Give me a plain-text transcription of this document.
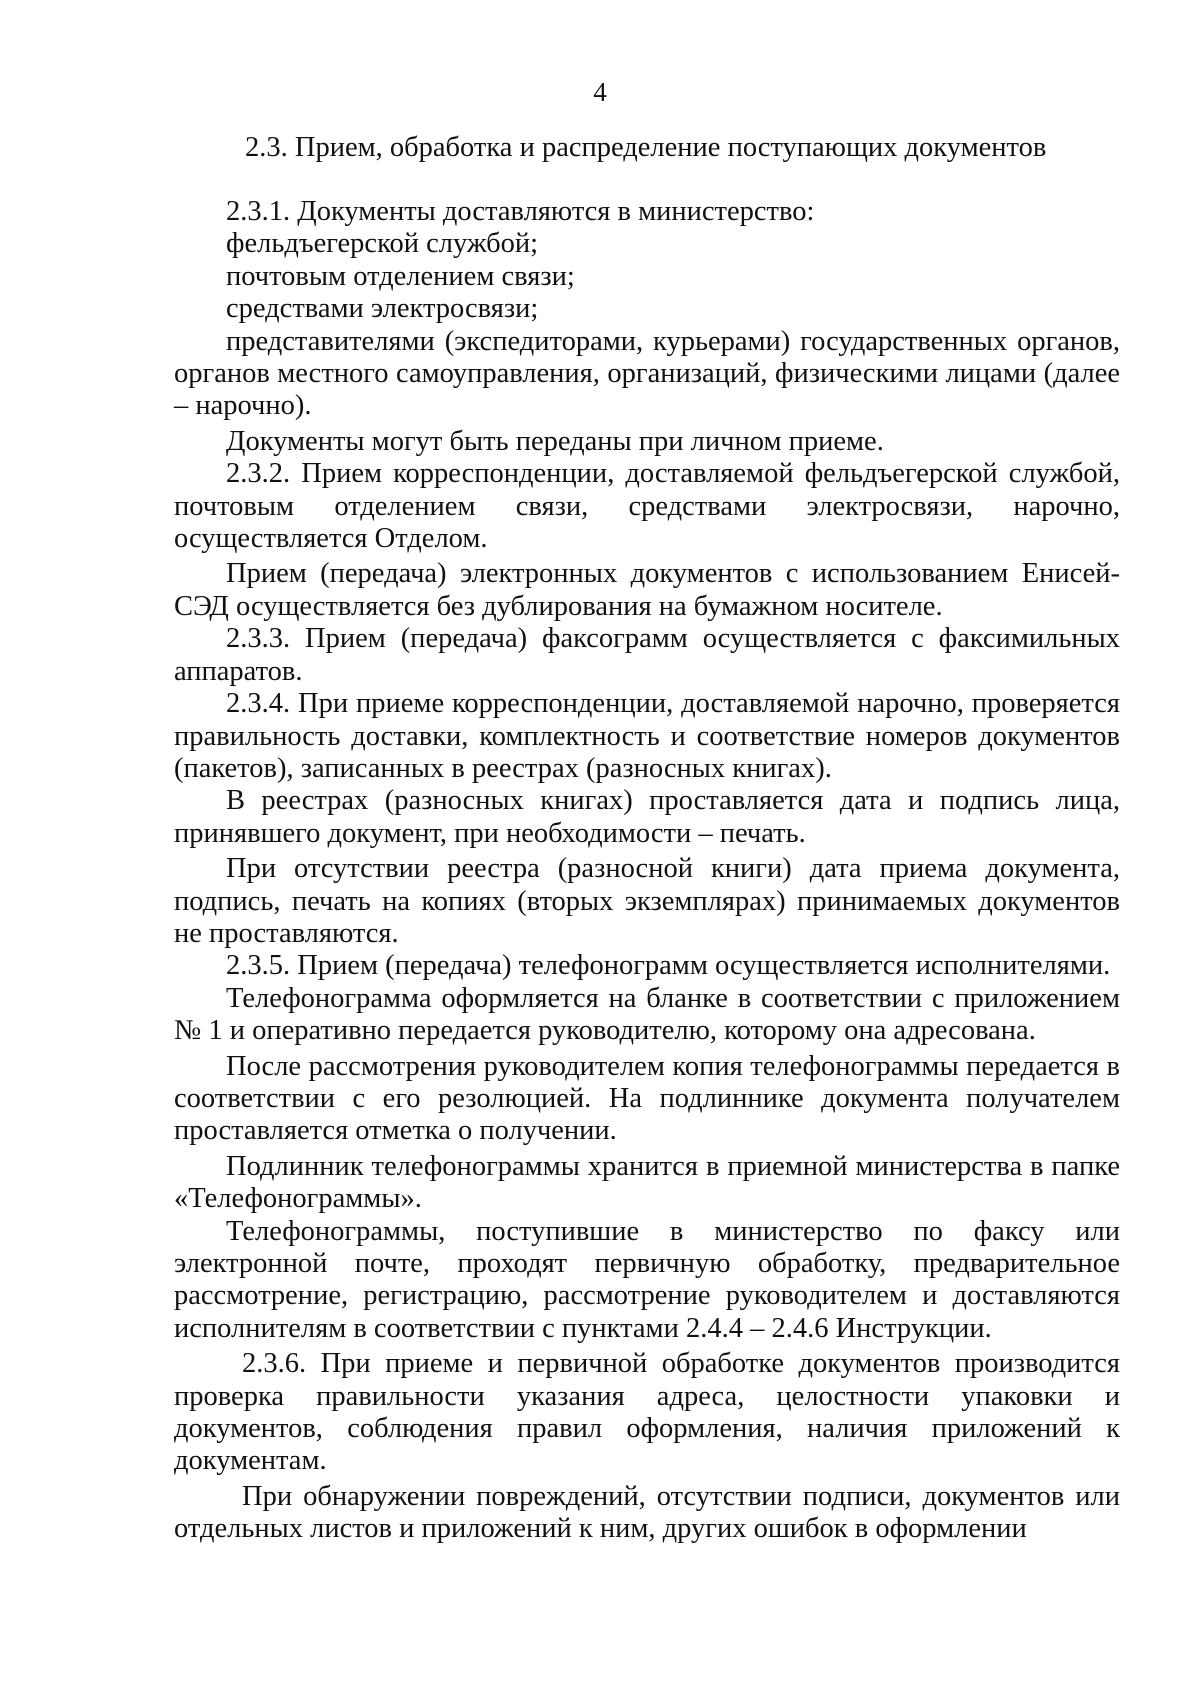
4
2.3. Прием, обработка и распределение поступающих документов

2.3.1. Документы доставляются в министерство:

фельдъегерской службой;

почтовым отделением связи;

средствами электросвязи;

представителями (экспедиторами, курьерами) государственных органов, органов местного самоуправления, организаций, физическими лицами (далее – нарочно).

Документы могут быть переданы при личном приеме.

2.3.2. Прием корреспонденции, доставляемой фельдъегерской службой, почтовым отделением связи, средствами электросвязи, нарочно, осуществляется Отделом.

Прием (передача) электронных документов с использованием Енисей-СЭД осуществляется без дублирования на бумажном носителе.

2.3.3. Прием (передача) факсограмм осуществляется с факсимильных аппаратов.

2.3.4. При приеме корреспонденции, доставляемой нарочно, проверяется правильность доставки, комплектность и соответствие номеров документов (пакетов), записанных в реестрах (разносных книгах).

В реестрах (разносных книгах) проставляется дата и подпись лица, принявшего документ, при необходимости – печать.

При отсутствии реестра (разносной книги) дата приема документа, подпись, печать на копиях (вторых экземплярах) принимаемых документов не проставляются.

2.3.5. Прием (передача) телефонограмм осуществляется исполнителями.

Телефонограмма оформляется на бланке в соответствии с приложением № 1 и оперативно передается руководителю, которому она адресована.

После рассмотрения руководителем копия телефонограммы передается в соответствии с его резолюцией. На подлиннике документа получателем проставляется отметка о получении.

Подлинник телефонограммы хранится в приемной министерства в папке «Телефонограммы».

Телефонограммы, поступившие в министерство по факсу или электронной почте, проходят первичную обработку, предварительное рассмотрение, регистрацию, рассмотрение руководителем и доставляются исполнителям в соответствии с пунктами 2.4.4 – 2.4.6 Инструкции.

2.3.6. При приеме и первичной обработке документов производится проверка правильности указания адреса, целостности упаковки и документов, соблюдения правил оформления, наличия приложений к документам.

При обнаружении повреждений, отсутствии подписи, документов или отдельных листов и приложений к ним, других ошибок в оформлении
